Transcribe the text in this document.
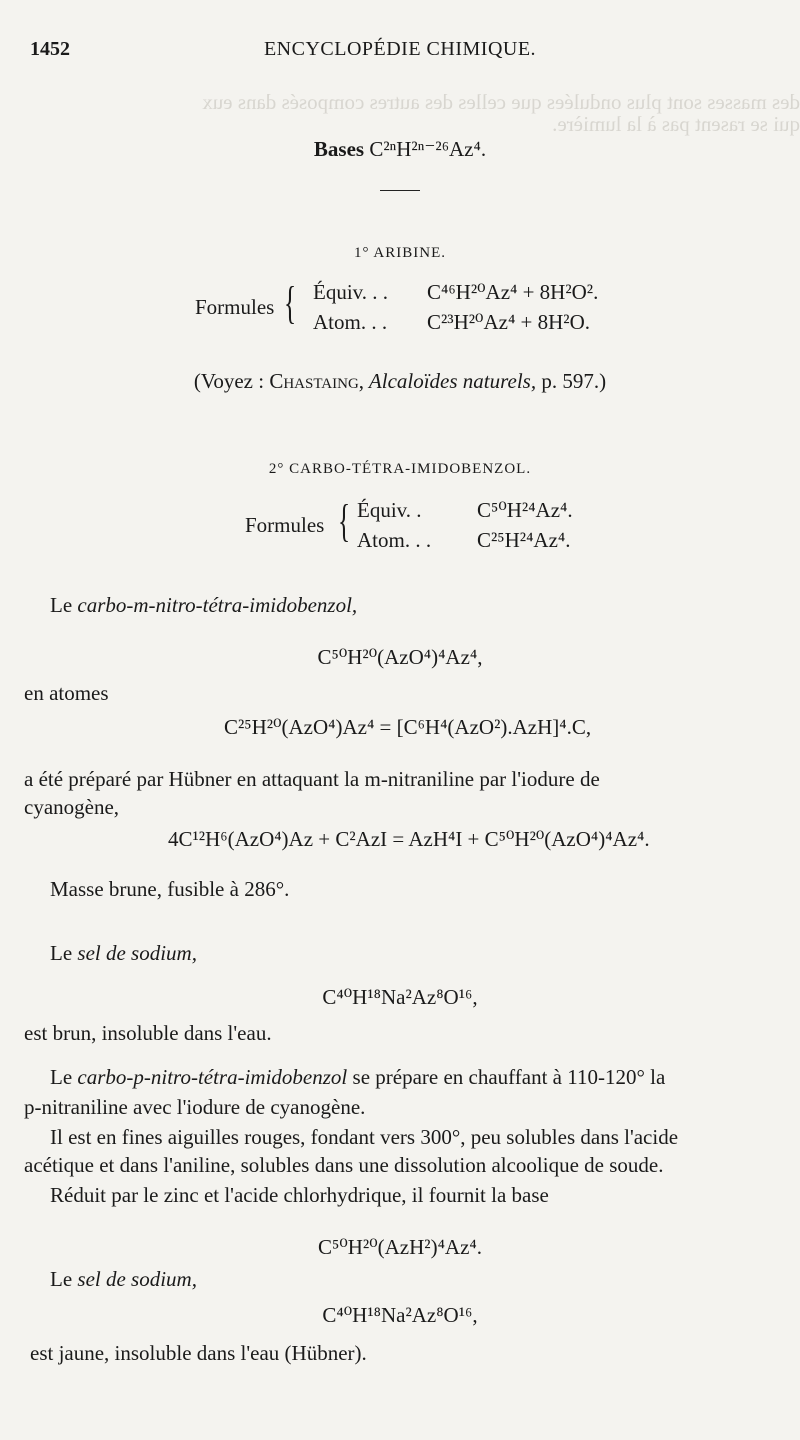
des masses sont plus ondulées que celles des autres composés dans eux
qui se rasent pas à la lumière.
1452	ENCYCLOPÉDIE CHIMIQUE.
Bases C²ⁿH²ⁿ⁻²⁶Az⁴.
1° ARIBINE.
Formules { Équiv. . . C⁴⁶H²⁰Az⁴ + 8H²O².
Atom. . . C²³H²⁰Az⁴ + 8H²O.
(Voyez : Chastaing, Alcaloïdes naturels, p. 597.)
2° CARBO-TÉTRA-IMIDOBENZOL.
Formules { Équiv. .	C⁵⁰H²⁴Az⁴.
Atom. . . C²⁵H²⁴Az⁴.
Le carbo-m-nitro-tétra-imidobenzol,
C⁵⁰H²⁰(AzO⁴)⁴Az⁴,
en atomes
C²⁵H²⁰(AzO⁴)Az⁴ = [C⁶H⁴(AzO²).AzH]⁴.C,
a été préparé par Hübner en attaquant la m-nitraniline par l'iodure de
cyanogène,
4C¹²H⁶(AzO⁴)Az + C²AzI = AzH⁴I + C⁵⁰H²⁰(AzO⁴)⁴Az⁴.
Masse brune, fusible à 286°.
Le sel de sodium,
C⁴⁰H¹⁸Na²Az⁸O¹⁶,
est brun, insoluble dans l'eau.
Le carbo-p-nitro-tétra-imidobenzol se prépare en chauffant à 110-120° la
p-nitraniline avec l'iodure de cyanogène.
Il est en fines aiguilles rouges, fondant vers 300°, peu solubles dans l'acide
acétique et dans l'aniline, solubles dans une dissolution alcoolique de soude.
Réduit par le zinc et l'acide chlorhydrique, il fournit la base
C⁵⁰H²⁰(AzH²)⁴Az⁴.
Le sel de sodium,
C⁴⁰H¹⁸Na²Az⁸O¹⁶,
est jaune, insoluble dans l'eau (Hübner).
